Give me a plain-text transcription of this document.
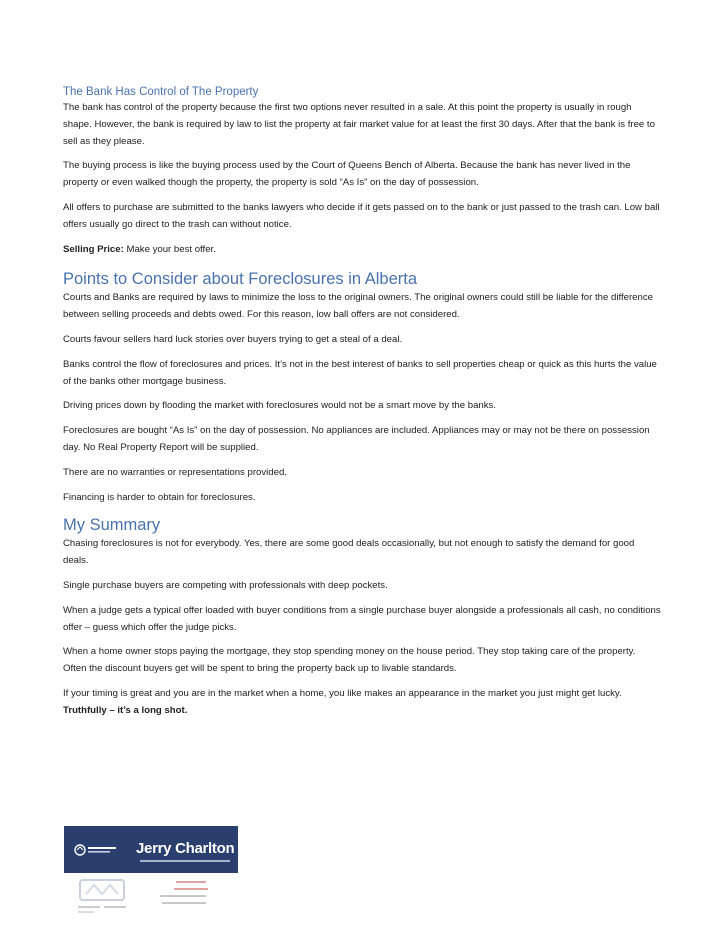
The Bank Has Control of The Property

The bank has control of the property because the first two options never resulted in a sale. At this point the property is usually in rough shape. However, the bank is required by law to list the property at fair market value for at least the first 30 days. After that the bank is free to sell as they please.

The buying process is like the buying process used by the Court of Queens Bench of Alberta. Because the bank has never lived in the property or even walked though the property, the property is sold “As Is” on the day of possession.

All offers to purchase are submitted to the banks lawyers who decide if it gets passed on to the bank or just passed to the trash can. Low ball offers usually go direct to the trash can without notice.

Selling Price: Make your best offer.

Points to Consider about Foreclosures in Alberta

Courts and Banks are required by laws to minimize the loss to the original owners. The original owners could still be liable for the difference between selling proceeds and debts owed. For this reason, low ball offers are not considered.

Courts favour sellers hard luck stories over buyers trying to get a steal of a deal.

Banks control the flow of foreclosures and prices. It’s not in the best interest of banks to sell properties cheap or quick as this hurts the value of the banks other mortgage business.

Driving prices down by flooding the market with foreclosures would not be a smart move by the banks.

Foreclosures are bought “As Is” on the day of possession. No appliances are included. Appliances may or may not be there on possession day. No Real Property Report will be supplied.

There are no warranties or representations provided.

Financing is harder to obtain for foreclosures.

My Summary

Chasing foreclosures is not for everybody. Yes, there are some good deals occasionally, but not enough to satisfy the demand for good deals.

Single purchase buyers are competing with professionals with deep pockets.

When a judge gets a typical offer loaded with buyer conditions from a single purchase buyer alongside a professionals all cash, no conditions offer – guess which offer the judge picks.

When a home owner stops paying the mortgage, they stop spending money on the house period. They stop taking care of the property. Often the discount buyers get will be spent to bring the property back up to livable standards.

If your timing is great and you are in the market when a home, you like makes an appearance in the market you just might get lucky. Truthfully – it’s a long shot.

Jerry Charlton
